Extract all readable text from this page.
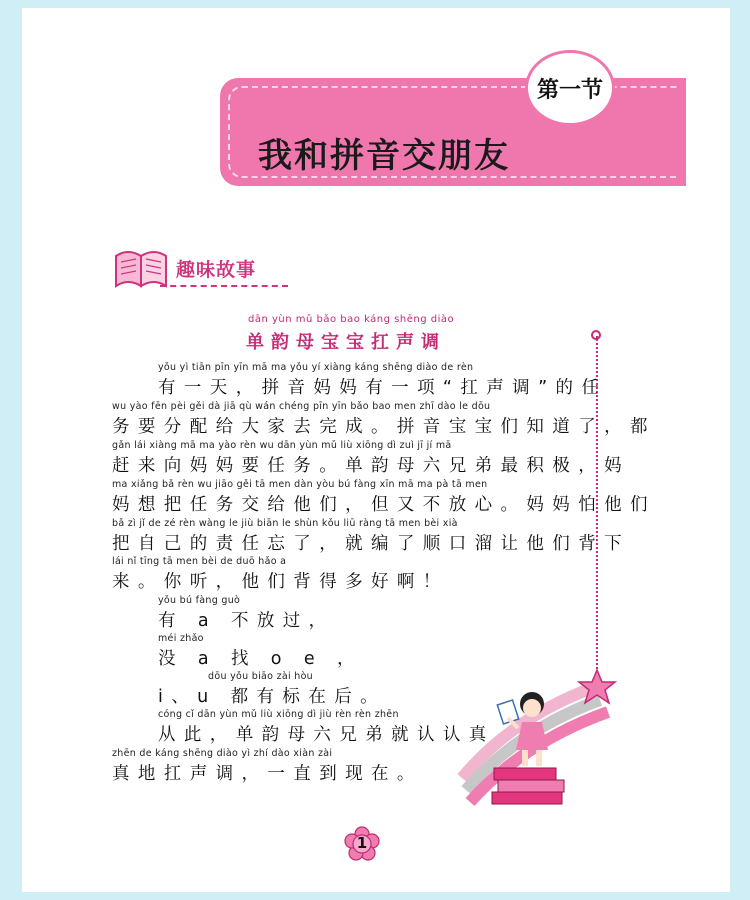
我和拼音交朋友
第一节
趣味故事
dān yùn mǔ bǎo bao káng shēng diào
单韵母宝宝扛声调
yǒu yì tiān pīn yīn mā ma yǒu yí xiàng káng shēng diào de rèn
有一天，拼音妈妈有一项“扛声调”的任
wu yào fēn pèi gěi dà jiā qù wán chéng pīn yīn bǎo bao men zhī dào le dōu
务要分配给大家去完成。拼音宝宝们知道了，都
gǎn lái xiàng mā ma yào rèn wu dān yùn mǔ liù xiōng dì zuì jī jí mā
赶来向妈妈要任务。单韵母六兄弟最积极，妈
ma xiǎng bǎ rèn wu jiāo gěi tā men dàn yòu bú fàng xīn mā ma pà tā men
妈想把任务交给他们，但又不放心。妈妈怕他们
bǎ zì jǐ de zé rèn wàng le jiù biān le shùn kǒu liū ràng tā men bèi xià
把自己的责任忘了，就编了顺口溜让他们背下
lái nǐ tīng tā men bèi de duō hǎo a
来。你听，他们背得多好啊！
yǒu bú fàng guò
有 a 不放过，
méi zhǎo
没 a 找 o e ，
dōu yǒu biāo zài hòu
i、u 都有标在后。
cóng cǐ dān yùn mǔ liù xiōng dì jiù rèn rèn zhēn
从此，单韵母六兄弟就认认真
zhēn de káng shēng diào yì zhí dào xiàn zài
真地扛声调，一直到现在。
1
